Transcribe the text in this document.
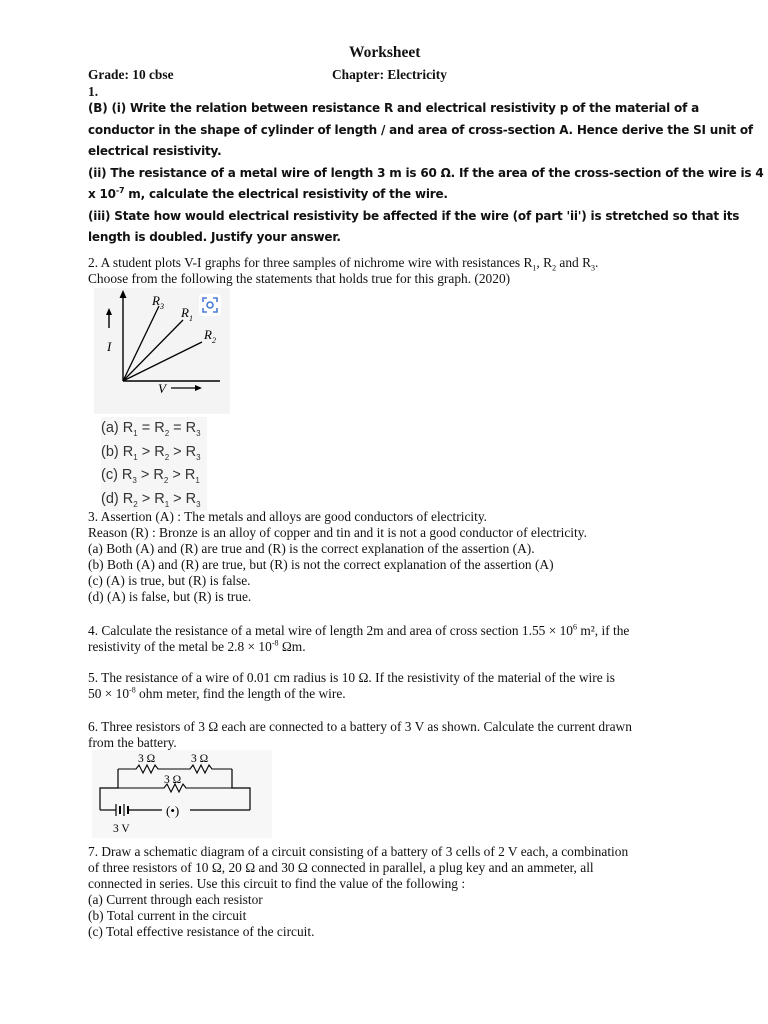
Worksheet
Grade: 10 cbse	Chapter: Electricity
1.
(B) (i) Write the relation between resistance R and electrical resistivity p of the material of a
conductor in the shape of cylinder of length / and area of cross-section A. Hence derive the SI unit of
electrical resistivity.
(ii) The resistance of a metal wire of length 3 m is 60 Ω. If the area of the cross-section of the wire is 4
x $10^{-7}$ m, calculate the electrical resistivity of the wire.
(iii) State how would electrical resistivity be affected if the wire (of part 'ii') is stretched so that its
length is doubled. Justify your answer.
2. A student plots V-I graphs for three samples of nichrome wire with resistances $R_1$, $R_2$ and $R_3$.
Choose from the following the statements that holds true for this graph. (2020)
I
V
$R_3$ $R_1$
$R_2$
(a) $R_1 = R_2 = R_3$
(b) $R_1 > R_2 > R_3$
(c) $R_3 > R_2 > R_1$
(d) $R_2 > R_1 > R_3$
3. Assertion (A) : The metals and alloys are good conductors of electricity.
Reason (R) : Bronze is an alloy of copper and tin and it is not a good conductor of electricity.
(a) Both (A) and (R) are true and (R) is the correct explanation of the assertion (A).
(b) Both (A) and (R) are true, but (R) is not the correct explanation of the assertion (A)
(c) (A) is true, but (R) is false.
(d) (A) is false, but (R) is true.
4. Calculate the resistance of a metal wire of length 2m and area of cross section $1.55 \times 10^6$ m², if the
resistivity of the metal be $2.8 \times 10^{-8}$ Ωm.
5. The resistance of a wire of 0.01 cm radius is 10 Ω. If the resistivity of the material of the wire is
$50 \times 10^{-8}$ ohm meter, find the length of the wire.
6. Three resistors of 3 Ω each are connected to a battery of 3 V as shown. Calculate the current drawn
from the battery.
(•)
3 Ω	3 Ω
3 Ω
3 V
7. Draw a schematic diagram of a circuit consisting of a battery of 3 cells of 2 V each, a combination
of three resistors of 10 Ω, 20 Ω and 30 Ω connected in parallel, a plug key and an ammeter, all
connected in series. Use this circuit to find the value of the following :
(a) Current through each resistor
(b) Total current in the circuit
(c) Total effective resistance of the circuit.
